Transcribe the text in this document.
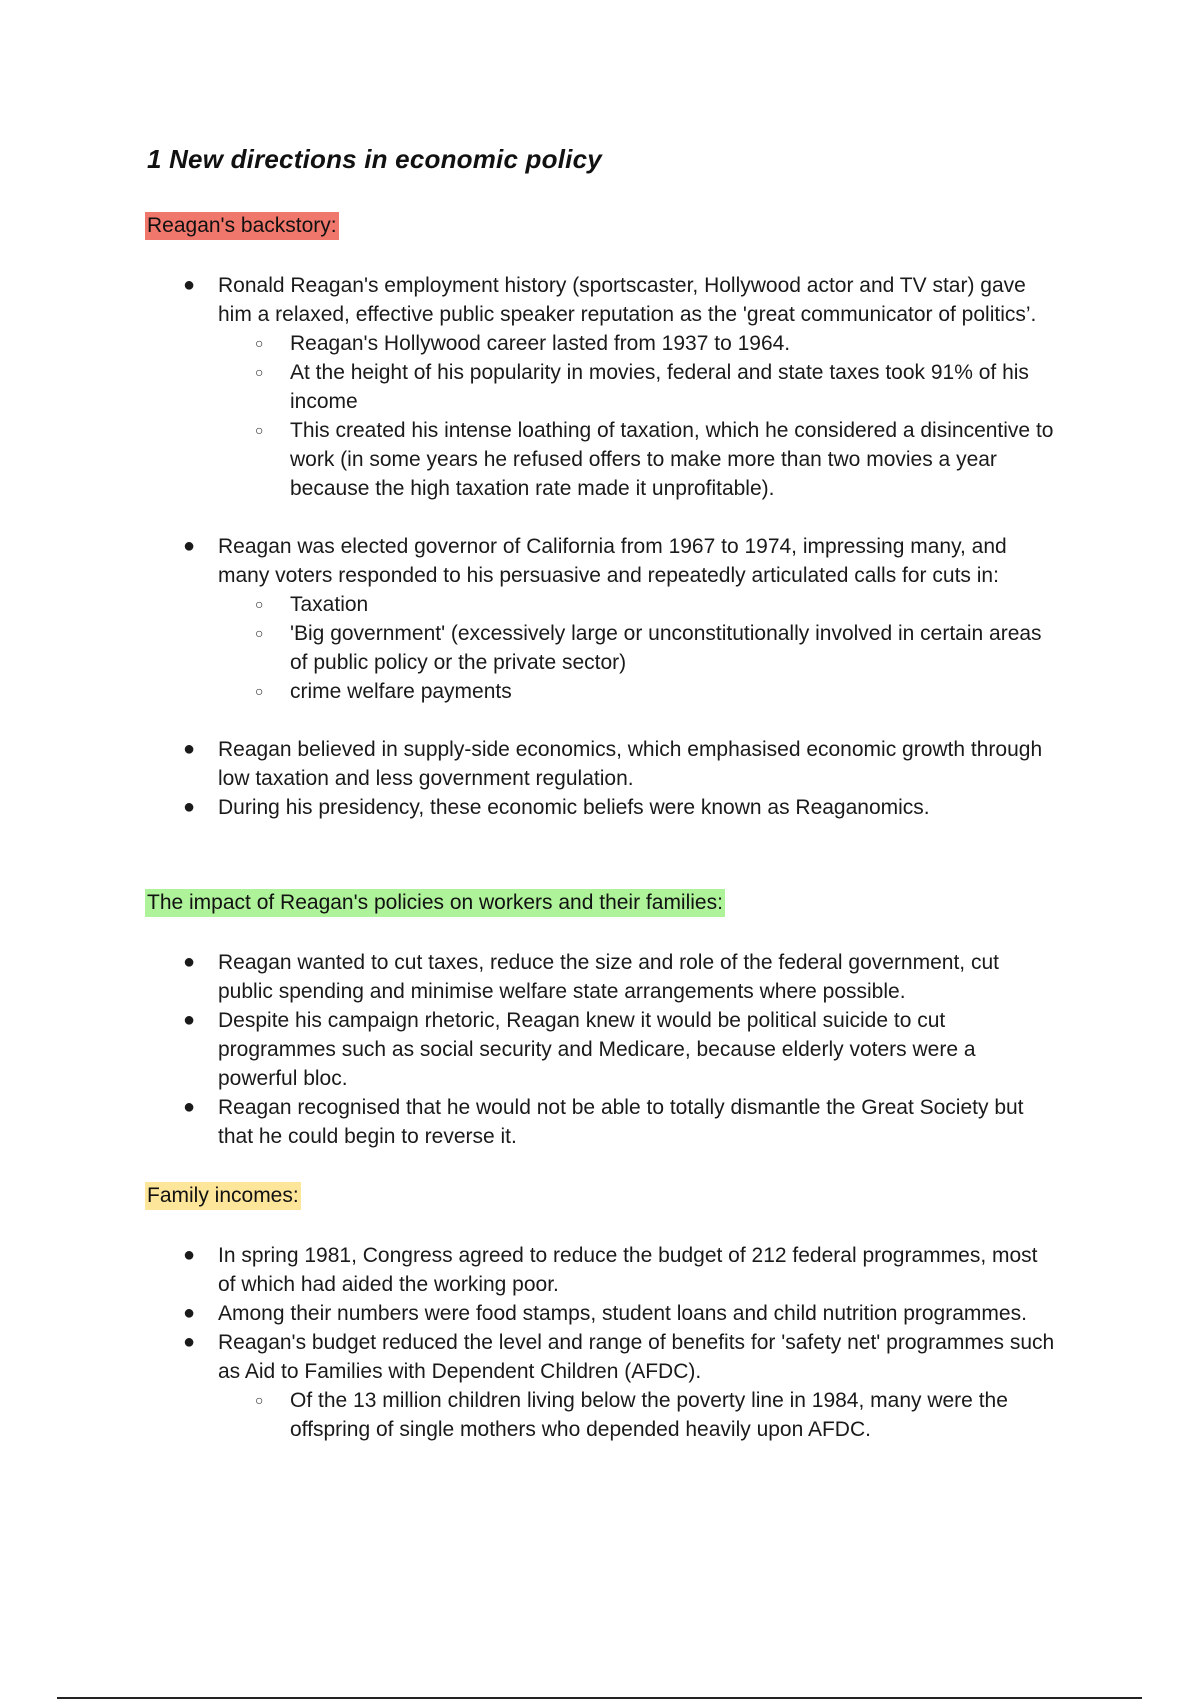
1 New directions in economic policy
Reagan's backstory:
● Ronald Reagan's employment history (sportscaster, Hollywood actor and TV star) gave him a relaxed, effective public speaker reputation as the 'great communicator of politics’.
○ Reagan's Hollywood career lasted from 1937 to 1964.
○ At the height of his popularity in movies, federal and state taxes took 91% of his income
○ This created his intense loathing of taxation, which he considered a disincentive to work (in some years he refused offers to make more than two movies a year because the high taxation rate made it unprofitable).
● Reagan was elected governor of California from 1967 to 1974, impressing many, and many voters responded to his persuasive and repeatedly articulated calls for cuts in:
○ Taxation
○ 'Big government' (excessively large or unconstitutionally involved in certain areas of public policy or the private sector)
○ crime welfare payments
● Reagan believed in supply-side economics, which emphasised economic growth through low taxation and less government regulation.
● During his presidency, these economic beliefs were known as Reaganomics.
The impact of Reagan's policies on workers and their families:
● Reagan wanted to cut taxes, reduce the size and role of the federal government, cut public spending and minimise welfare state arrangements where possible.
● Despite his campaign rhetoric, Reagan knew it would be political suicide to cut programmes such as social security and Medicare, because elderly voters were a powerful bloc.
● Reagan recognised that he would not be able to totally dismantle the Great Society but that he could begin to reverse it.
Family incomes:
● In spring 1981, Congress agreed to reduce the budget of 212 federal programmes, most of which had aided the working poor.
● Among their numbers were food stamps, student loans and child nutrition programmes.
● Reagan's budget reduced the level and range of benefits for 'safety net' programmes such as Aid to Families with Dependent Children (AFDC).
○ Of the 13 million children living below the poverty line in 1984, many were the offspring of single mothers who depended heavily upon AFDC.
